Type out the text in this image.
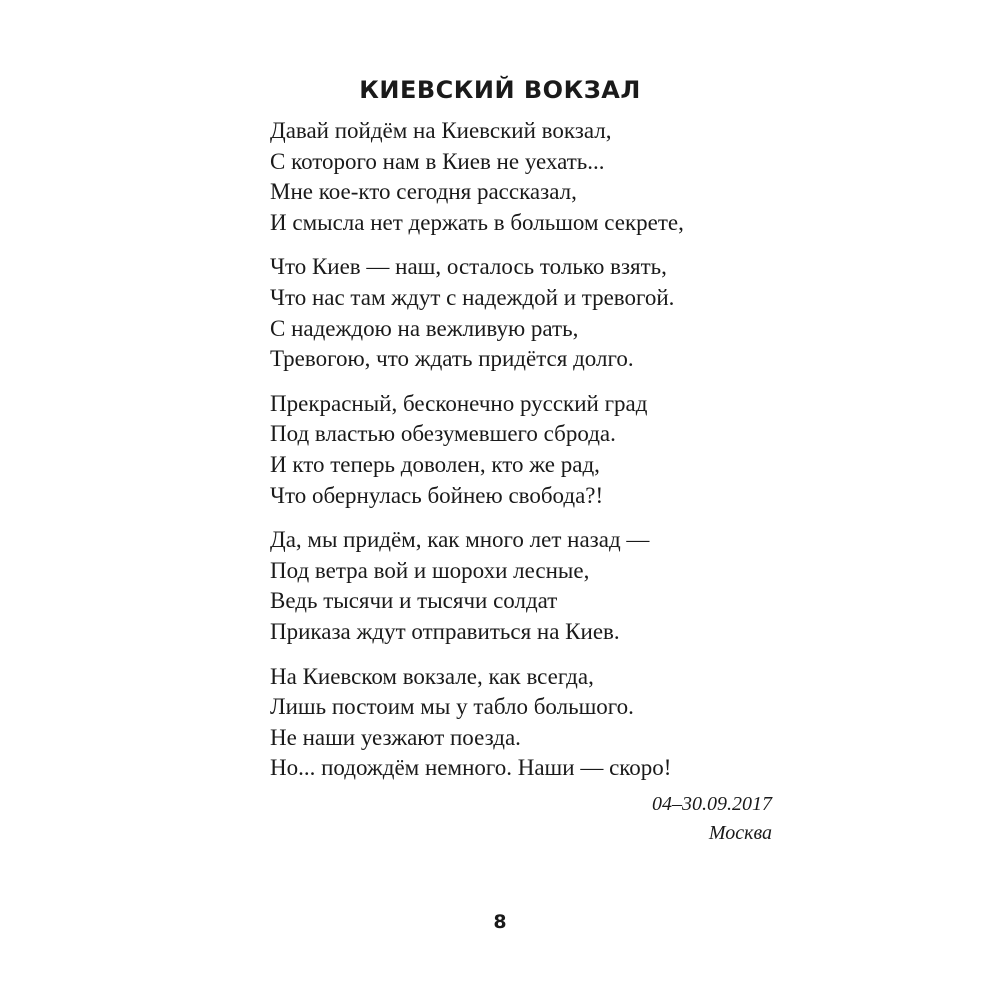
КИЕВСКИЙ ВОКЗАЛ
Давай пойдём на Киевский вокзал,
С которого нам в Киев не уехать...
Мне кое-кто сегодня рассказал,
И смысла нет держать в большом секрете,
Что Киев — наш, осталось только взять,
Что нас там ждут с надеждой и тревогой.
С надеждою на вежливую рать,
Тревогою, что ждать придётся долго.
Прекрасный, бесконечно русский град
Под властью обезумевшего сброда.
И кто теперь доволен, кто же рад,
Что обернулась бойнею свобода?!
Да, мы придём, как много лет назад —
Под ветра вой и шорохи лесные,
Ведь тысячи и тысячи солдат
Приказа ждут отправиться на Киев.
На Киевском вокзале, как всегда,
Лишь постоим мы у табло большого.
Не наши уезжают поезда.
Но... подождём немного. Наши — скоро!
04–30.09.2017
Москва
8
